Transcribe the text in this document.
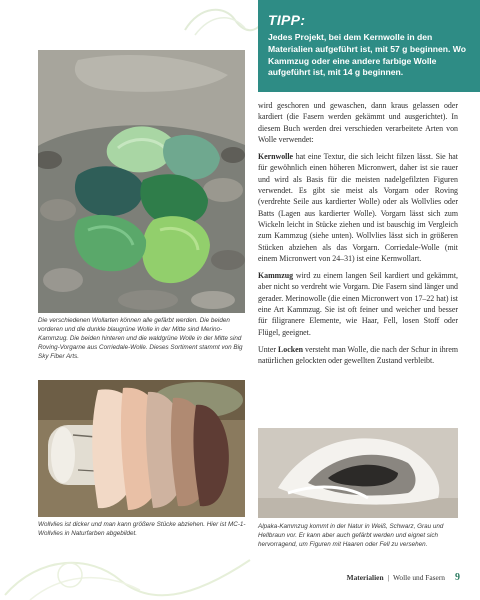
TIPP:
Jedes Projekt, bei dem Kernwolle in den Materialien aufgeführt ist, mit 57 g beginnen. Wo Kammzug oder eine andere farbige Wolle aufgeführt ist, mit 14 g beginnen.
Die verschiedenen Wollarten können alle gefärbt werden. Die beiden vorderen und die dunkle blaugrüne Wolle in der Mitte sind Merino-Kammzug. Die beiden hinteren und die waldgrüne Wolle in der Mitte sind Roving-Vorgarne aus Corriedale-Wolle. Dieses Sortiment stammt von Big Sky Fiber Arts.
Wollvlies ist dicker und man kann größere Stücke abziehen. Hier ist MC-1-Wollvlies in Naturfarben abgebildet.
Alpaka-Kammzug kommt in der Natur in Weiß, Schwarz, Grau und Hellbraun vor. Er kann aber auch gefärbt werden und eignet sich hervorragend, um Figuren mit Haaren oder Fell zu versehen.

wird geschoren und gewaschen, dann kraus gelassen oder kardiert (die Fasern werden gekämmt und ausgerichtet). In diesem Buch werden drei verschieden verarbeitete Arten von Wolle verwendet:

Kernwolle hat eine Textur, die sich leicht filzen lässt. Sie hat für gewöhnlich einen höheren Micronwert, daher ist sie rauer und wird als Basis für die meisten nadelgefilzten Figuren verwendet. Es gibt sie meist als Vorgarn oder Roving (verdrehte Seile aus kardierter Wolle) oder als Wollvlies oder Batts (Lagen aus kardierter Wolle). Vorgarn lässt sich zum Wickeln leicht in Stücke ziehen und ist bauschig im Vergleich zum Kammzug (siehe unten). Wollvlies lässt sich in größeren Stücken abziehen als das Vorgarn. Corriedale-Wolle (mit einem Micronwert von 24–31) ist eine Kernwollart.

Kammzug wird zu einem langen Seil kardiert und gekämmt, aber nicht so verdreht wie Vorgarn. Die Fasern sind länger und gerader. Merinowolle (die einen Micronwert von 17–22 hat) ist eine Art Kammzug. Sie ist oft feiner und weicher und besser für filigranere Elemente, wie Haar, Fell, losen Stoff oder Flügel, geeignet.

Unter Locken versteht man Wolle, die nach der Schur in ihrem natürlichen gelockten oder gewellten Zustand verbleibt.

Materialien | Wolle und Fasern 9
